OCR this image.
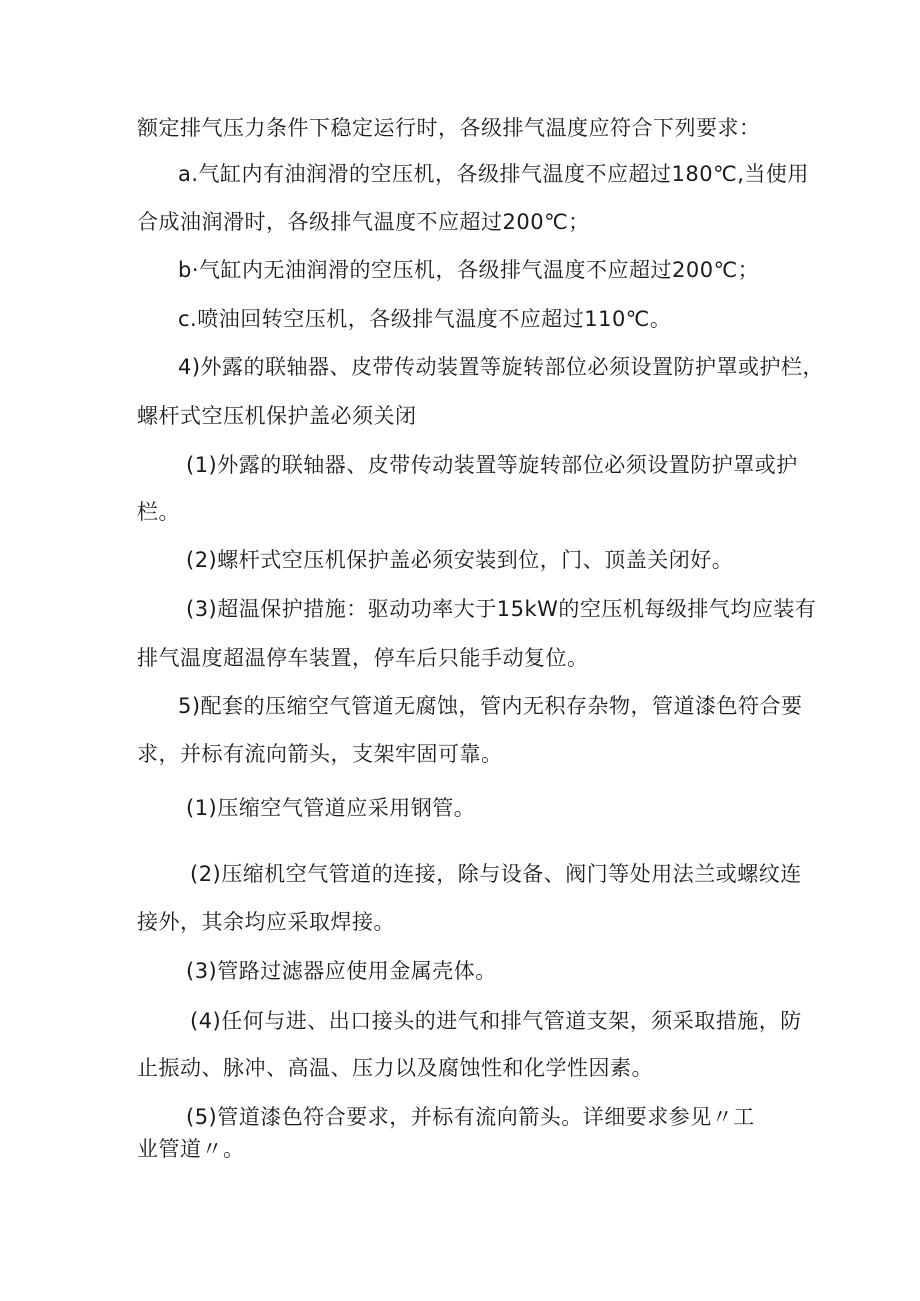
额定排气压力条件下稳定运行时，各级排气温度应符合下列要求：
a.气缸内有油润滑的空压机，各级排气温度不应超过180℃,当使用
合成油润滑时，各级排气温度不应超过200℃；
b·气缸内无油润滑的空压机，各级排气温度不应超过200℃；
c.喷油回转空压机，各级排气温度不应超过110℃。
4)外露的联轴器、皮带传动装置等旋转部位必须设置防护罩或护栏，
螺杆式空压机保护盖必须关闭
(1)外露的联轴器、皮带传动装置等旋转部位必须设置防护罩或护
栏。
(2)螺杆式空压机保护盖必须安装到位，门、顶盖关闭好。
(3)超温保护措施：驱动功率大于15kW的空压机每级排气均应装有
排气温度超温停车装置，停车后只能手动复位。
5)配套的压缩空气管道无腐蚀，管内无积存杂物，管道漆色符合要
求，并标有流向箭头，支架牢固可靠。
(1)压缩空气管道应采用钢管。
(2)压缩机空气管道的连接，除与设备、阀门等处用法兰或螺纹连
接外，其余均应采取焊接。
(3)管路过滤器应使用金属壳体。
(4)任何与进、出口接头的进气和排气管道支架，须采取措施，防
止振动、脉冲、高温、压力以及腐蚀性和化学性因素。
(5)管道漆色符合要求，并标有流向箭头。详细要求参见〃工
业管道〃。
